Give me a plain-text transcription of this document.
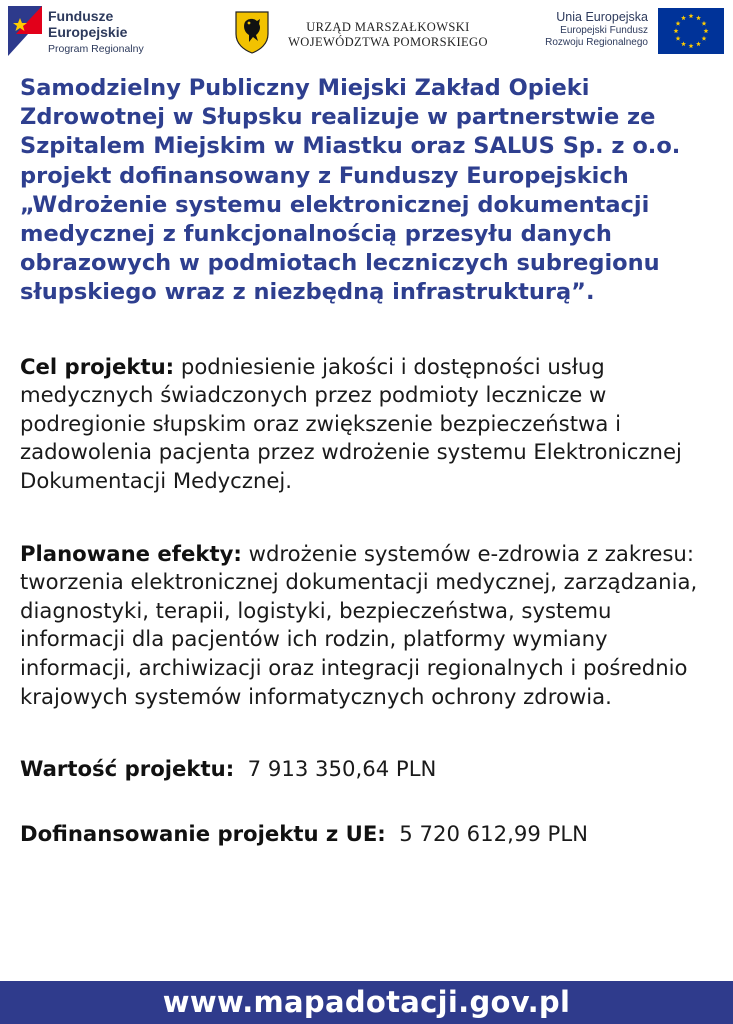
Fundusze
Europejskie
Program Regionalny
URZĄD MARSZAŁKOWSKI
WOJEWÓDZTWA POMORSKIEGO
Unia Europejska
Europejski Fundusz
Rozwoju Regionalnego

Samodzielny Publiczny Miejski Zakład Opieki Zdrowotnej w Słupsku realizuje w partnerstwie ze Szpitalem Miejskim w Miastku oraz SALUS Sp. z o.o. projekt dofinansowany z Funduszy Europejskich „Wdrożenie systemu elektronicznej dokumentacji medycznej z funkcjonalnością przesyłu danych obrazowych w podmiotach leczniczych subregionu słupskiego wraz z niezbędną infrastrukturą”.

Cel projektu: podniesienie jakości i dostępności usług medycznych świadczonych przez podmioty lecznicze w podregionie słupskim oraz zwiększenie bezpieczeństwa i zadowolenia pacjenta przez wdrożenie systemu Elektronicznej Dokumentacji Medycznej.

Planowane efekty: wdrożenie systemów e-zdrowia z zakresu: tworzenia elektronicznej dokumentacji medycznej, zarządzania, diagnostyki, terapii, logistyki, bezpieczeństwa, systemu informacji dla pacjentów ich rodzin, platformy wymiany informacji, archiwizacji oraz integracji regionalnych i pośrednio krajowych systemów informatycznych ochrony zdrowia.

Wartość projektu: 7 913 350,64 PLN

Dofinansowanie projektu z UE: 5 720 612,99 PLN

www.mapadotacji.gov.pl
